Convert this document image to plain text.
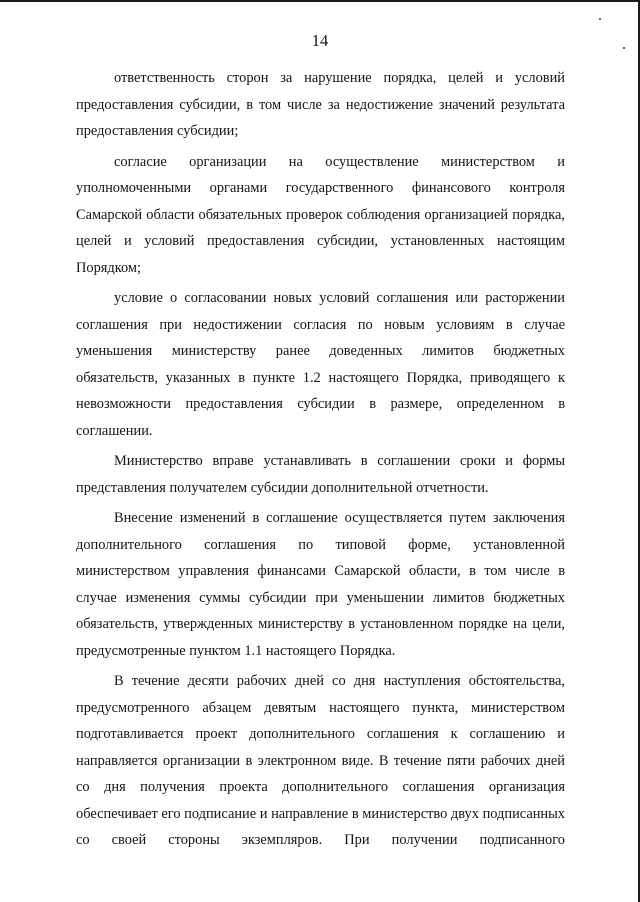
14

ответственность сторон за нарушение порядка, целей и условий предоставления субсидии, в том числе за недостижение значений результата предоставления субсидии;

согласие организации на осуществление министерством и уполномоченными органами государственного финансового контроля Самарской области обязательных проверок соблюдения организацией порядка, целей и условий предоставления субсидии, установленных настоящим Порядком;

условие о согласовании новых условий соглашения или расторжении соглашения при недостижении согласия по новым условиям в случае уменьшения министерству ранее доведенных лимитов бюджетных обязательств, указанных в пункте 1.2 настоящего Порядка, приводящего к невозможности предоставления субсидии в размере, определенном в соглашении.

Министерство вправе устанавливать в соглашении сроки и формы представления получателем субсидии дополнительной отчетности.

Внесение изменений в соглашение осуществляется путем заключения дополнительного соглашения по типовой форме, установленной министерством управления финансами Самарской области, в том числе в случае изменения суммы субсидии при уменьшении лимитов бюджетных обязательств, утвержденных министерству в установленном порядке на цели, предусмотренные пунктом 1.1 настоящего Порядка.

В течение десяти рабочих дней со дня наступления обстоятельства, предусмотренного абзацем девятым настоящего пункта, министерством подготавливается проект дополнительного соглашения к соглашению и направляется организации в электронном виде. В течение пяти рабочих дней со дня получения проекта дополнительного соглашения организация обеспечивает его подписание и направление в министерство двух подписанных со своей стороны экземпляров. При получении подписанного
